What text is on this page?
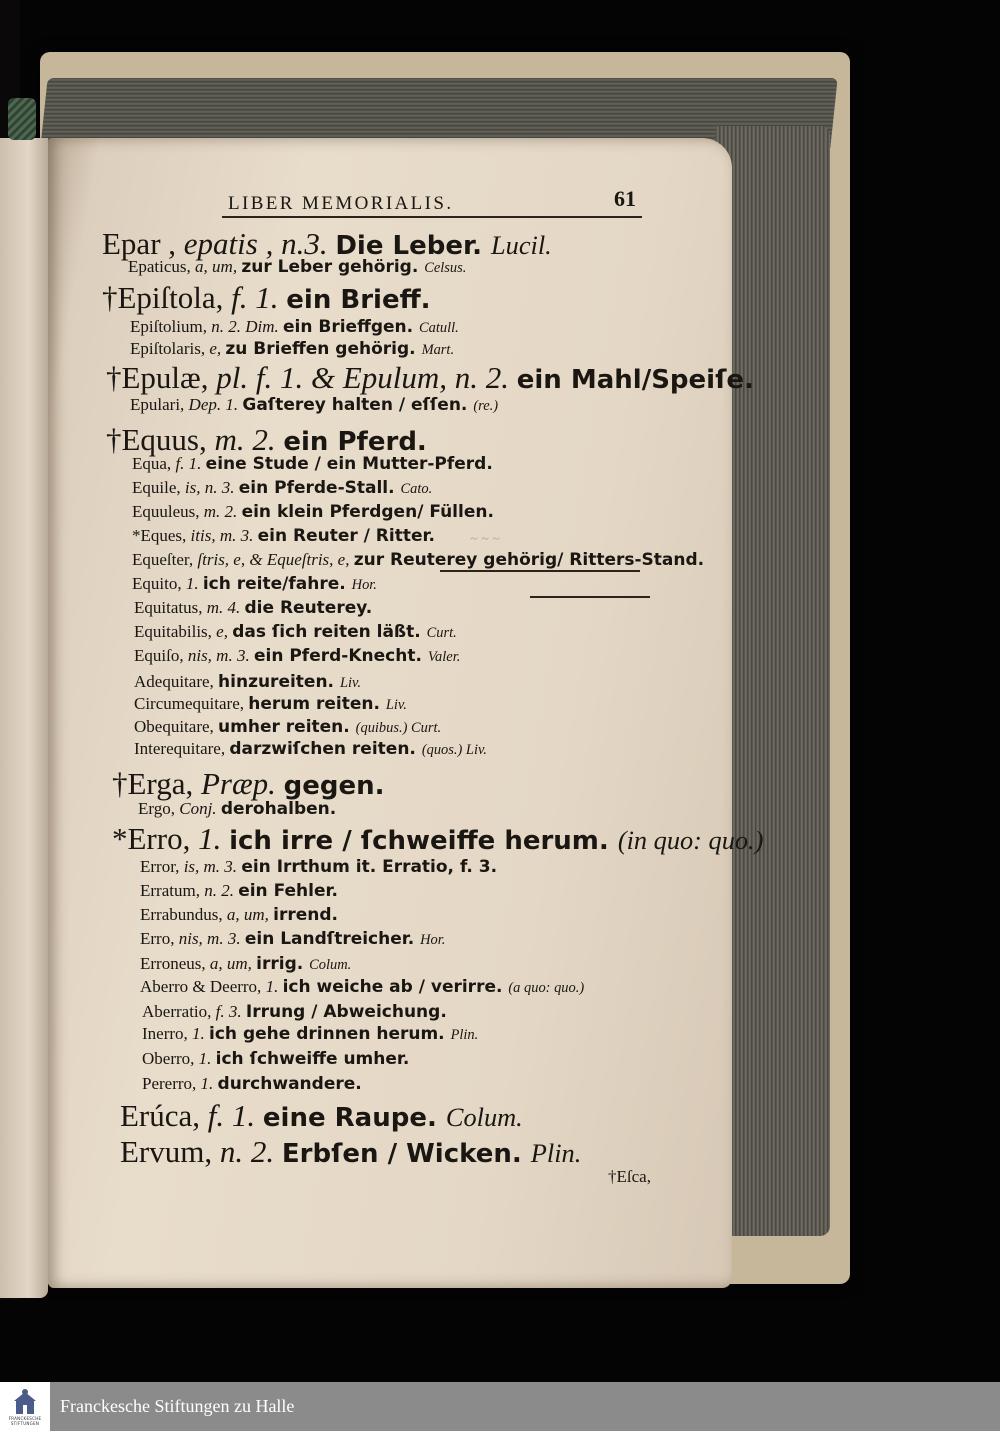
LIBER MEMORIALIS.	61
Epar , epatis , n.3. Die Leber. Lucil.
Epaticus, a, um, zur Leber gehörig. Celsus.
†Epiſtola, f. 1. ein Brieff.
Epiſtolium, n. 2. Dim. ein Brieffgen. Catull.
Epiſtolaris, e, zu Brieffen gehörig. Mart.
†Epulæ, pl. f. 1. & Epulum, n. 2. ein Mahl/Speiſe.
Epulari, Dep. 1. Gaſterey halten / eſſen. (re.)
†Equus, m. 2. ein Pferd.
Equa, f. 1. eine Stude / ein Mutter-Pferd.
Equile, is, n. 3. ein Pferde-Stall. Cato.
Equuleus, m. 2. ein klein Pferdgen/ Füllen.
*Eques, itis, m. 3. ein Reuter / Ritter.
Equeſter, ſtris, e, & Equeſtris, e, zur Reuterey gehörig/ Ritters-Stand.
Equito, 1. ich reite/fahre. Hor.
Equitatus, m. 4. die Reuterey.
Equitabilis, e, das ſich reiten läßt. Curt.
Equiſo, nis, m. 3. ein Pferd-Knecht. Valer.
Adequitare, hinzureiten. Liv.
Circumequitare, herum reiten. Liv.
Obequitare, umher reiten. (quibus.) Curt.
Interequitare, darzwiſchen reiten. (quos.) Liv.
†Erga, Præp. gegen.
Ergo, Conj. derohalben.
*Erro, 1. ich irre / ſchweiffe herum. (in quo: quo.)
Error, is, m. 3. ein Irrthum it. Erratio, f. 3.
Erratum, n. 2. ein Fehler.
Errabundus, a, um, irrend.
Erro, nis, m. 3. ein Landſtreicher. Hor.
Erroneus, a, um, irrig. Colum.
Aberro & Deerro, 1. ich weiche ab / verirre. (a quo: quo.)
Aberratio, f. 3. Irrung / Abweichung.
Inerro, 1. ich gehe drinnen herum. Plin.
Oberro, 1. ich ſchweiffe umher.
Pererro, 1. durchwandere.
Erúca, f. 1. eine Raupe. Colum.
Ervum, n. 2. Erbſen / Wicken. Plin.
~ ~ ~
†Eſca,
FRANCKESCHE STIFTUNGEN
Franckesche Stiftungen zu Halle
